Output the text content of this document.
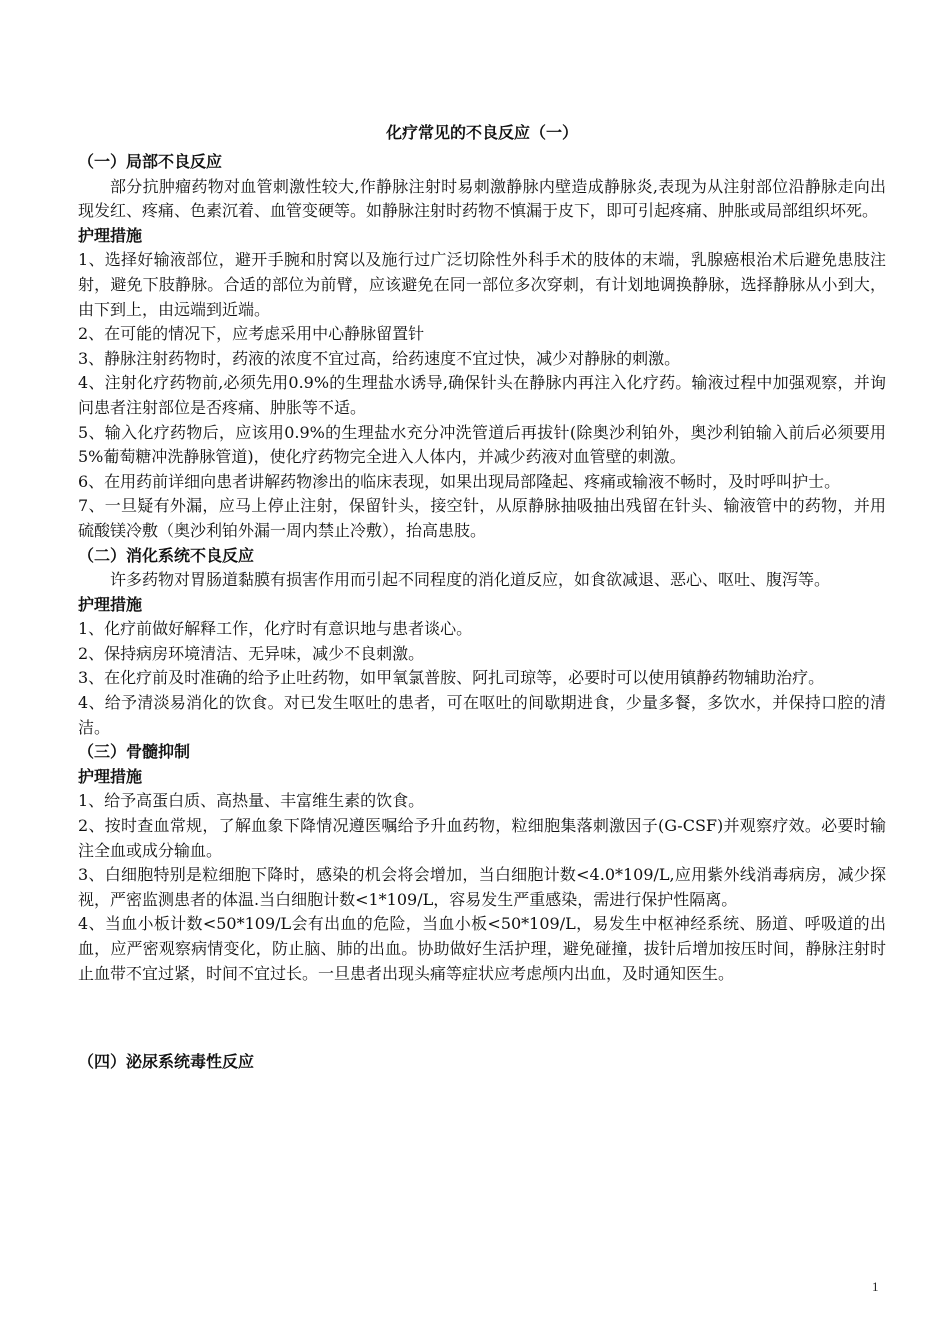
化疗常见的不良反应（一）
（一）局部不良反应
部分抗肿瘤药物对血管刺激性较大,作静脉注射时易刺激静脉内壁造成静脉炎,表现为从注射部位沿静脉走向出现发红、疼痛、色素沉着、血管变硬等。如静脉注射时药物不慎漏于皮下，即可引起疼痛、肿胀或局部组织坏死。
护理措施
1、选择好输液部位，避开手腕和肘窝以及施行过广泛切除性外科手术的肢体的末端，乳腺癌根治术后避免患肢注射，避免下肢静脉。合适的部位为前臂，应该避免在同一部位多次穿刺，有计划地调换静脉，选择静脉从小到大，由下到上，由远端到近端。
2、在可能的情况下，应考虑采用中心静脉留置针
3、静脉注射药物时，药液的浓度不宜过高，给药速度不宜过快，减少对静脉的刺激。
4、注射化疗药物前,必须先用0.9%的生理盐水诱导,确保针头在静脉内再注入化疗药。输液过程中加强观察，并询问患者注射部位是否疼痛、肿胀等不适。
5、输入化疗药物后，应该用0.9%的生理盐水充分冲洗管道后再拔针(除奥沙利铂外，奥沙利铂输入前后必须要用5%葡萄糖冲洗静脉管道)，使化疗药物完全进入人体内，并减少药液对血管壁的刺激。
6、在用药前详细向患者讲解药物渗出的临床表现，如果出现局部隆起、疼痛或输液不畅时，及时呼叫护士。
7、一旦疑有外漏，应马上停止注射，保留针头，接空针，从原静脉抽吸抽出残留在针头、输液管中的药物，并用硫酸镁冷敷（奥沙利铂外漏一周内禁止冷敷），抬高患肢。
（二）消化系统不良反应
许多药物对胃肠道黏膜有损害作用而引起不同程度的消化道反应，如食欲减退、恶心、呕吐、腹泻等。
护理措施
1、化疗前做好解释工作，化疗时有意识地与患者谈心。
2、保持病房环境清洁、无异味，减少不良刺激。
3、在化疗前及时准确的给予止吐药物，如甲氧氯普胺、阿扎司琼等，必要时可以使用镇静药物辅助治疗。
4、给予清淡易消化的饮食。对已发生呕吐的患者，可在呕吐的间歇期进食，少量多餐，多饮水，并保持口腔的清洁。
（三）骨髓抑制
护理措施
1、给予高蛋白质、高热量、丰富维生素的饮食。
2、按时查血常规，了解血象下降情况遵医嘱给予升血药物，粒细胞集落刺激因子(G-CSF)并观察疗效。必要时输注全血或成分输血。
3、白细胞特别是粒细胞下降时，感染的机会将会增加，当白细胞计数<4.0*109/L,应用紫外线消毒病房，减少探视，严密监测患者的体温.当白细胞计数<1*109/L，容易发生严重感染，需进行保护性隔离。
4、当血小板计数<50*109/L会有出血的危险，当血小板<50*109/L，易发生中枢神经系统、肠道、呼吸道的出血，应严密观察病情变化，防止脑、肺的出血。协助做好生活护理，避免碰撞，拔针后增加按压时间，静脉注射时止血带不宜过紧，时间不宜过长。一旦患者出现头痛等症状应考虑颅内出血，及时通知医生。
（四）泌尿系统毒性反应
1
